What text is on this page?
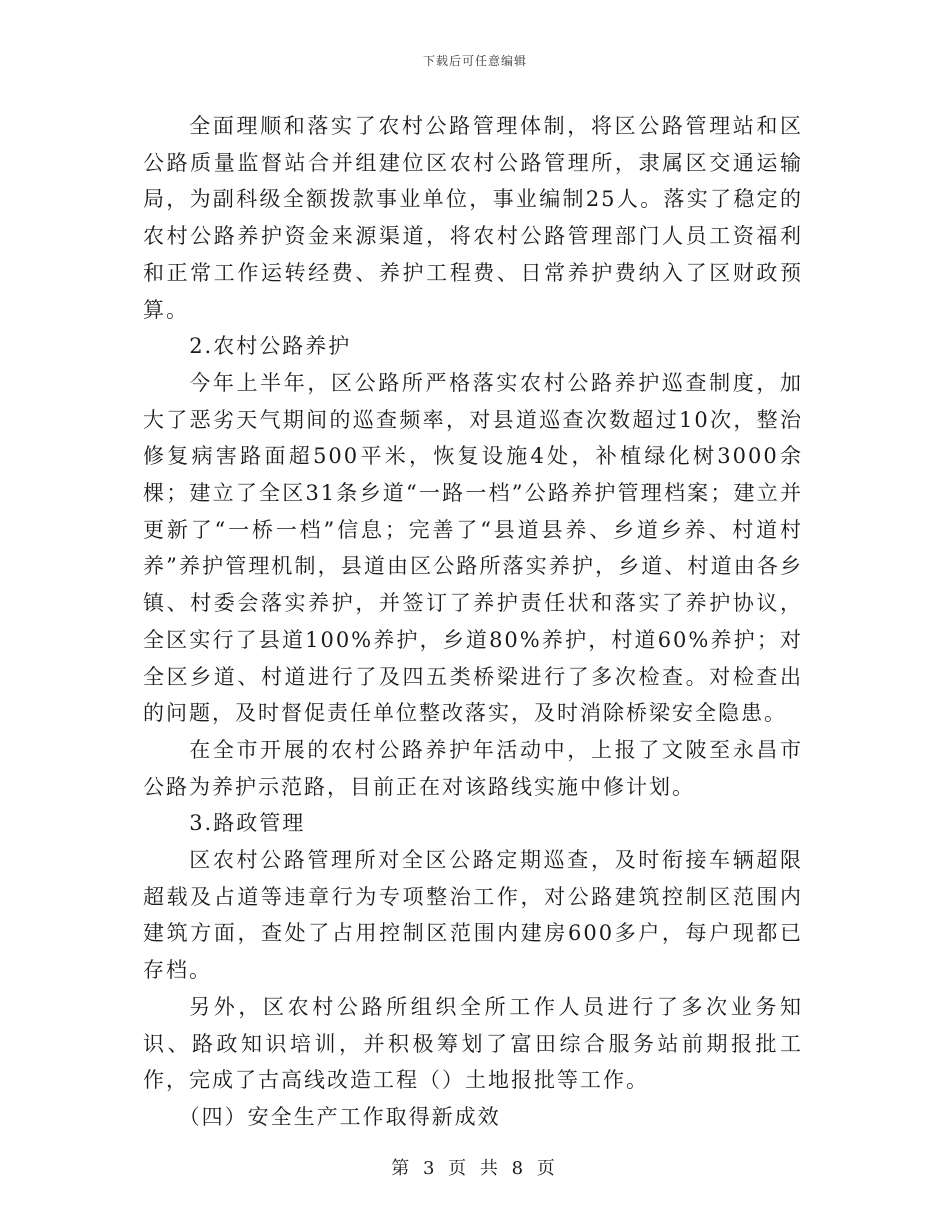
下载后可任意编辑

全面理顺和落实了农村公路管理体制，将区公路管理站和区公路质量监督站合并组建位区农村公路管理所，隶属区交通运输局，为副科级全额拨款事业单位，事业编制25人。落实了稳定的农村公路养护资金来源渠道，将农村公路管理部门人员工资福利和正常工作运转经费、养护工程费、日常养护费纳入了区财政预算。

2.农村公路养护

今年上半年，区公路所严格落实农村公路养护巡查制度，加大了恶劣天气期间的巡查频率，对县道巡查次数超过10次，整治修复病害路面超500平米，恢复设施4处，补植绿化树3000余棵；建立了全区31条乡道“一路一档”公路养护管理档案；建立并更新了“一桥一档”信息；完善了“县道县养、乡道乡养、村道村养”养护管理机制，县道由区公路所落实养护，乡道、村道由各乡镇、村委会落实养护，并签订了养护责任状和落实了养护协议，全区实行了县道100%养护，乡道80%养护，村道60%养护；对全区乡道、村道进行了及四五类桥梁进行了多次检查。对检查出的问题，及时督促责任单位整改落实，及时消除桥梁安全隐患。

在全市开展的农村公路养护年活动中，上报了文陂至永昌市公路为养护示范路，目前正在对该路线实施中修计划。

3.路政管理

区农村公路管理所对全区公路定期巡查，及时衔接车辆超限超载及占道等违章行为专项整治工作，对公路建筑控制区范围内建筑方面，查处了占用控制区范围内建房600多户，每户现都已存档。

另外，区农村公路所组织全所工作人员进行了多次业务知识、路政知识培训，并积极筹划了富田综合服务站前期报批工作，完成了古高线改造工程（）土地报批等工作。

（四）安全生产工作取得新成效

第 3 页 共 8 页
